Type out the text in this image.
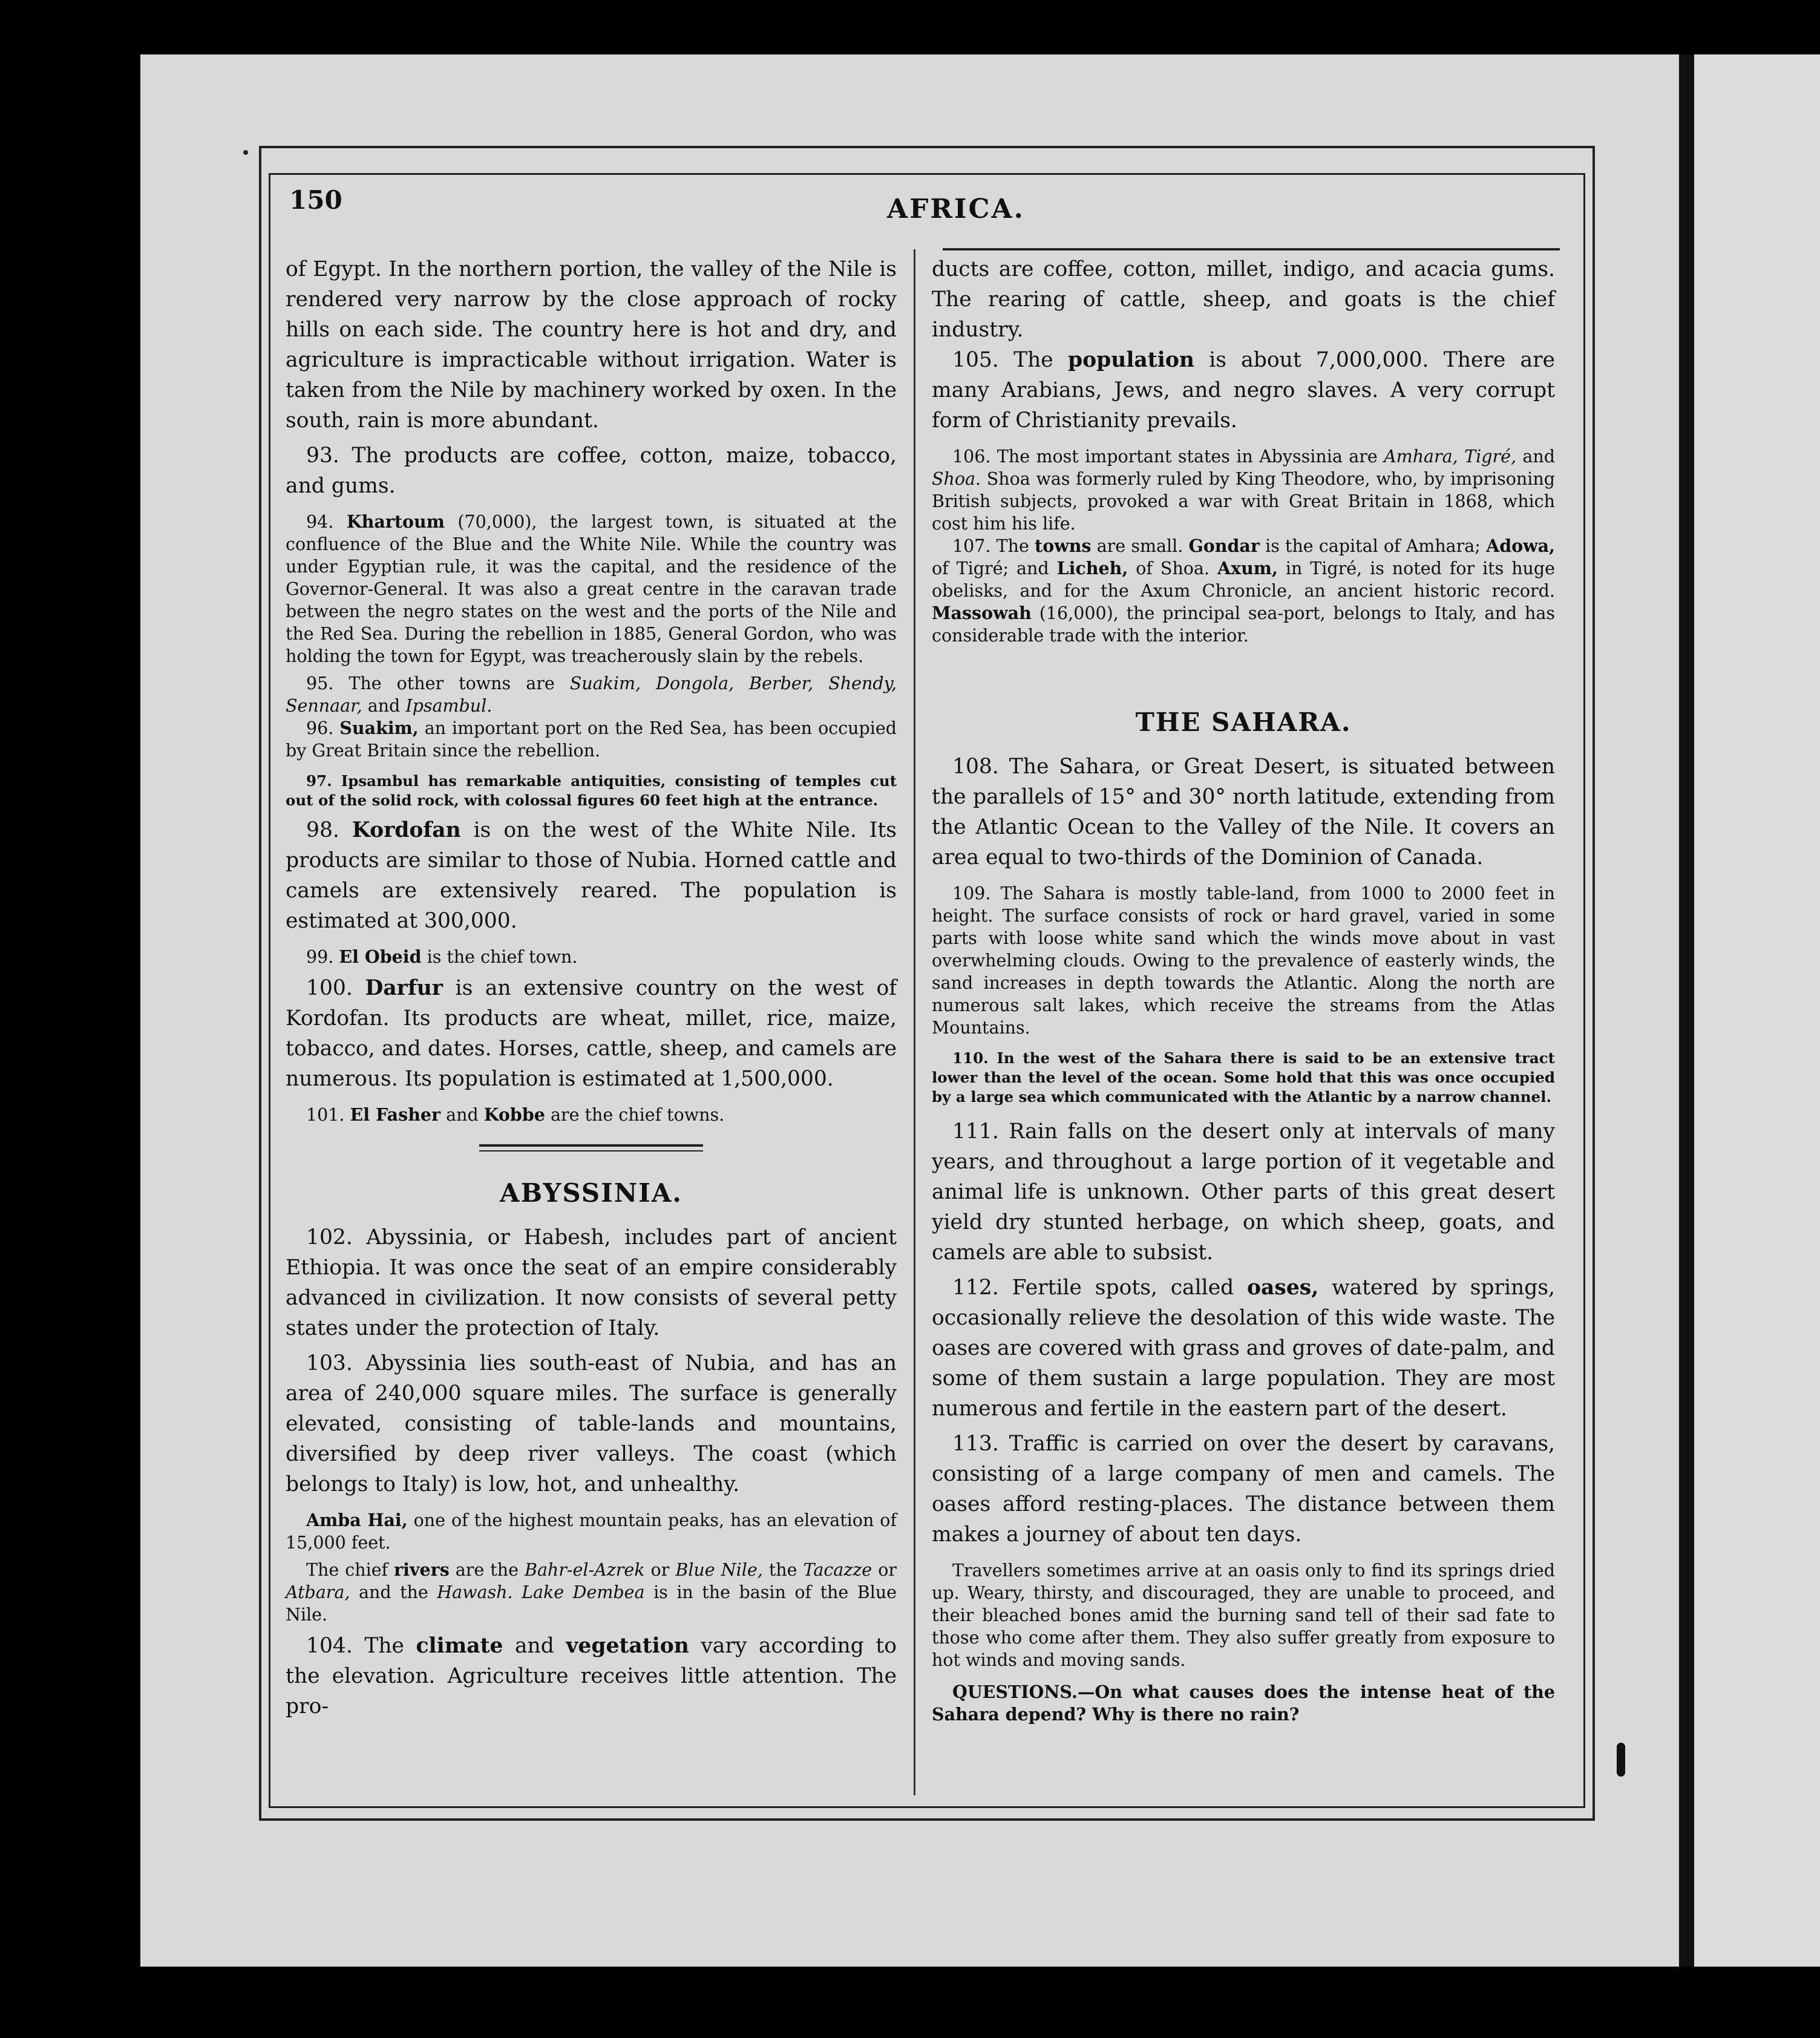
150	AFRICA.

of Egypt. In the northern portion, the valley of the Nile is rendered very narrow by the close approach of rocky hills on each side. The country here is hot and dry, and agriculture is impracticable without irrigation. Water is taken from the Nile by machinery worked by oxen. In the south, rain is more abundant.

93. The products are coffee, cotton, maize, tobacco, and gums.

94. Khartoum (70,000), the largest town, is situated at the confluence of the Blue and the White Nile. While the country was under Egyptian rule, it was the capital, and the residence of the Governor-General. It was also a great centre in the caravan trade between the negro states on the west and the ports of the Nile and the Red Sea. During the rebellion in 1885, General Gordon, who was holding the town for Egypt, was treacherously slain by the rebels.

95. The other towns are Suakim, Dongola, Berber, Shendy, Sennaar, and Ipsambul.

96. Suakim, an important port on the Red Sea, has been occupied by Great Britain since the rebellion.

97. Ipsambul has remarkable antiquities, consisting of temples cut out of the solid rock, with colossal figures 60 feet high at the entrance.

98. Kordofan is on the west of the White Nile. Its products are similar to those of Nubia. Horned cattle and camels are extensively reared. The population is estimated at 300,000.

99. El Obeid is the chief town.

100. Darfur is an extensive country on the west of Kordofan. Its products are wheat, millet, rice, maize, tobacco, and dates. Horses, cattle, sheep, and camels are numerous. Its population is estimated at 1,500,000.

101. El Fasher and Kobbe are the chief towns.

ABYSSINIA.

102. Abyssinia, or Habesh, includes part of ancient Ethiopia. It was once the seat of an empire considerably advanced in civilization. It now consists of several petty states under the protection of Italy.

103. Abyssinia lies south-east of Nubia, and has an area of 240,000 square miles. The surface is generally elevated, consisting of table-lands and mountains, diversified by deep river valleys. The coast (which belongs to Italy) is low, hot, and unhealthy.

Amba Hai, one of the highest mountain peaks, has an elevation of 15,000 feet.

The chief rivers are the Bahr-el-Azrek or Blue Nile, the Tacazze or Atbara, and the Hawash. Lake Dembea is in the basin of the Blue Nile.

104. The climate and vegetation vary according to the elevation. Agriculture receives little attention. The pro-

ducts are coffee, cotton, millet, indigo, and acacia gums. The rearing of cattle, sheep, and goats is the chief industry.

105. The population is about 7,000,000. There are many Arabians, Jews, and negro slaves. A very corrupt form of Christianity prevails.

106. The most important states in Abyssinia are Amhara, Tigré, and Shoa. Shoa was formerly ruled by King Theodore, who, by imprisoning British subjects, provoked a war with Great Britain in 1868, which cost him his life.

107. The towns are small. Gondar is the capital of Amhara; Adowa, of Tigré; and Licheh, of Shoa. Axum, in Tigré, is noted for its huge obelisks, and for the Axum Chronicle, an ancient historic record. Massowah (16,000), the principal sea-port, belongs to Italy, and has considerable trade with the interior.

THE SAHARA.

108. The Sahara, or Great Desert, is situated between the parallels of 15° and 30° north latitude, extending from the Atlantic Ocean to the Valley of the Nile. It covers an area equal to two-thirds of the Dominion of Canada.

109. The Sahara is mostly table-land, from 1000 to 2000 feet in height. The surface consists of rock or hard gravel, varied in some parts with loose white sand which the winds move about in vast overwhelming clouds. Owing to the prevalence of easterly winds, the sand increases in depth towards the Atlantic. Along the north are numerous salt lakes, which receive the streams from the Atlas Mountains.

110. In the west of the Sahara there is said to be an extensive tract lower than the level of the ocean. Some hold that this was once occupied by a large sea which communicated with the Atlantic by a narrow channel.

111. Rain falls on the desert only at intervals of many years, and throughout a large portion of it vegetable and animal life is unknown. Other parts of this great desert yield dry stunted herbage, on which sheep, goats, and camels are able to subsist.

112. Fertile spots, called oases, watered by springs, occasionally relieve the desolation of this wide waste. The oases are covered with grass and groves of date-palm, and some of them sustain a large population. They are most numerous and fertile in the eastern part of the desert.

113. Traffic is carried on over the desert by caravans, consisting of a large company of men and camels. The oases afford resting-places. The distance between them makes a journey of about ten days.

Travellers sometimes arrive at an oasis only to find its springs dried up. Weary, thirsty, and discouraged, they are unable to proceed, and their bleached bones amid the burning sand tell of their sad fate to those who come after them. They also suffer greatly from exposure to hot winds and moving sands.

QUESTIONS.—On what causes does the intense heat of the Sahara depend? Why is there no rain?
